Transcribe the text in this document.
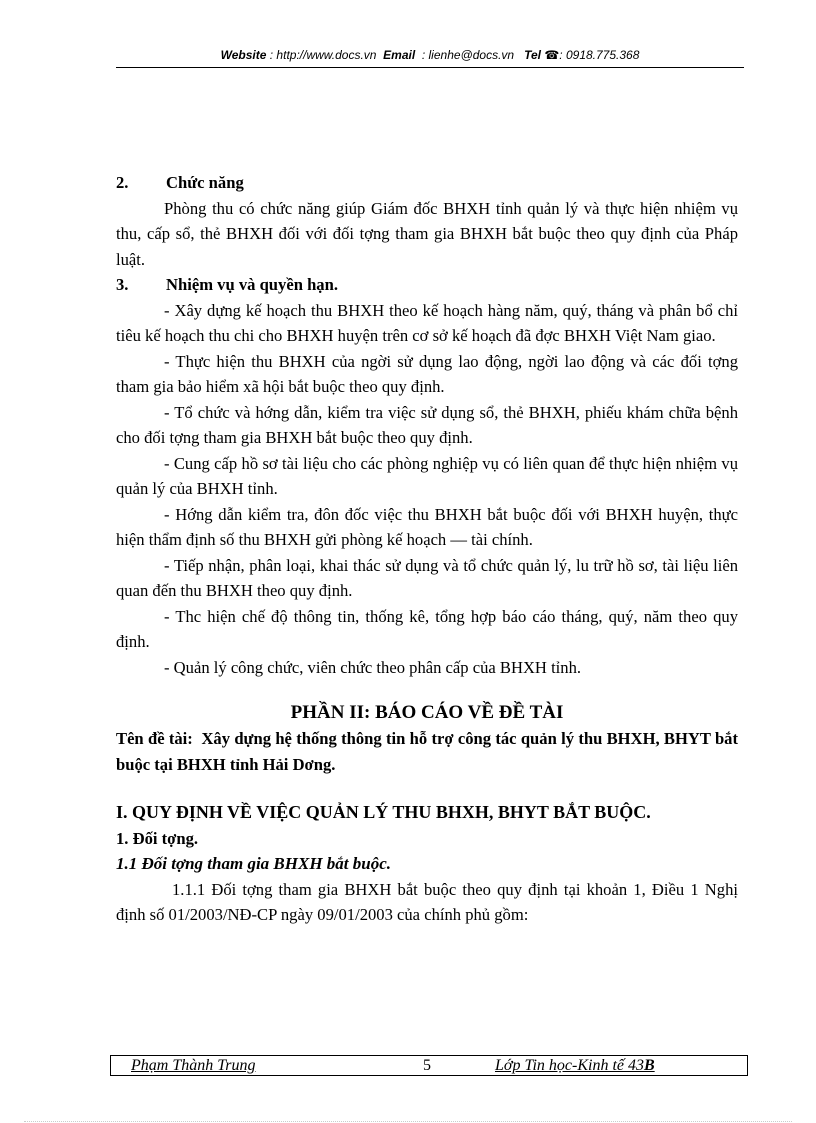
Website : http://www.docs.vn Email : lienhe@docs.vn Tel ☎: 0918.775.368

2.	Chức năng

Phòng thu có chức năng giúp Giám đốc BHXH tỉnh quản lý và thực hiện nhiệm vụ thu, cấp sổ, thẻ BHXH đối với đối tợng tham gia BHXH bắt buộc theo quy định của Pháp luật.

3.	Nhiệm vụ và quyền hạn.

- Xây dựng kế hoạch thu BHXH theo kế hoạch hàng năm, quý, tháng và phân bổ chỉ tiêu kế hoạch thu chi cho BHXH huyện trên cơ sở kế hoạch đã đợc BHXH Việt Nam giao.

- Thực hiện thu BHXH của ngời sử dụng lao động, ngời lao động và các đối tợng tham gia bảo hiểm xã hội bắt buộc theo quy định.

- Tổ chức và hớng dẫn, kiểm tra việc sử dụng sổ, thẻ BHXH, phiếu khám chữa bệnh cho đối tợng tham gia BHXH bắt buộc theo quy định.

- Cung cấp hồ sơ tài liệu cho các phòng nghiệp vụ có liên quan để thực hiện nhiệm vụ quản lý của BHXH tỉnh.

- Hớng dẫn kiểm tra, đôn đốc việc thu BHXH bắt buộc đối với BHXH huyện, thực hiện thẩm định số thu BHXH gửi phòng kế hoạch — tài chính.

- Tiếp nhận, phân loại, khai thác sử dụng và tổ chức quản lý, lu trữ hồ sơ, tài liệu liên quan đến thu BHXH theo quy định.

- Thc hiện chế độ thông tin, thống kê, tổng hợp báo cáo tháng, quý, năm theo quy định.

- Quản lý công chức, viên chức theo phân cấp của BHXH tỉnh.

PHẦN II: BÁO CÁO VỀ ĐỀ TÀI

Tên đề tài: Xây dựng hệ thống thông tin hỗ trợ công tác quản lý thu BHXH, BHYT bắt buộc tại BHXH tỉnh Hải Dơng.

I. QUY ĐỊNH VỀ VIỆC QUẢN LÝ THU BHXH, BHYT BẮT BUỘC.

1. Đối tợng.

1.1 Đối tợng tham gia BHXH bắt buộc.

1.1.1 Đối tợng tham gia BHXH bắt buộc theo quy định tại khoản 1, Điều 1 Nghị định số 01/2003/NĐ-CP ngày 09/01/2003 của chính phủ gồm:

Phạm Thành Trung	5	Lớp Tin học-Kinh tế 43B
